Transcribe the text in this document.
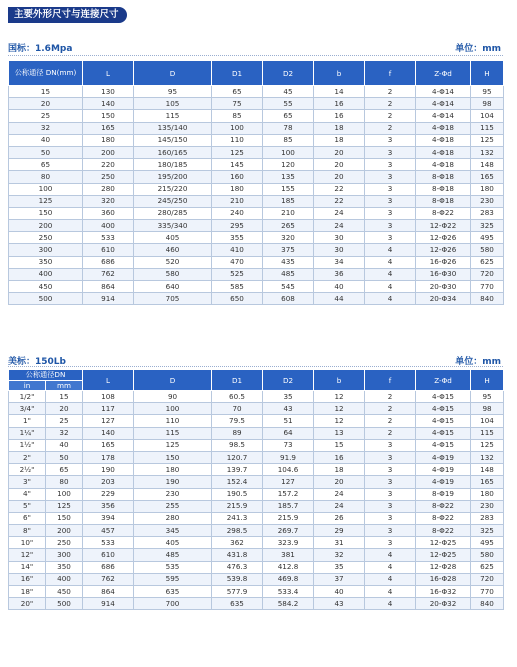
主要外形尺寸与连接尺寸
国标：1.6Mpa	单位：mm
公称通径 DN(mm)	L	D	D1	D2	b	f	Z-Φd	H
15	130	95	65	45	14	2	4-Φ14	95
20	140	105	75	55	16	2	4-Φ14	98
25	150	115	85	65	16	2	4-Φ14	104
32	165	135/140	100	78	18	2	4-Φ18	115
40	180	145/150	110	85	18	3	4-Φ18	125
50	200	160/165	125	100	20	3	4-Φ18	132
65	220	180/185	145	120	20	3	4-Φ18	148
80	250	195/200	160	135	20	3	8-Φ18	165
100	280	215/220	180	155	22	3	8-Φ18	180
125	320	245/250	210	185	22	3	8-Φ18	230
150	360	280/285	240	210	24	3	8-Φ22	283
200	400	335/340	295	265	24	3	12-Φ22	325
250	533	405	355	320	30	3	12-Φ26	495
300	610	460	410	375	30	4	12-Φ26	580
350	686	520	470	435	34	4	16-Φ26	625
400	762	580	525	485	36	4	16-Φ30	720
450	864	640	585	545	40	4	20-Φ30	770
500	914	705	650	608	44	4	20-Φ34	840
美标：150Lb	单位：mm
公称通径DN		L	D	D1	D2	b	f	Z-Φd	H
in	mm								
1/2"	15	108	90	60.5	35	12	2	4-Φ15	95
3/4"	20	117	100	70	43	12	2	4-Φ15	98
1"	25	127	110	79.5	51	12	2	4-Φ15	104
1¼"	32	140	115	89	64	13	2	4-Φ15	115
1½"	40	165	125	98.5	73	15	3	4-Φ15	125
2"	50	178	150	120.7	91.9	16	3	4-Φ19	132
2½"	65	190	180	139.7	104.6	18	3	4-Φ19	148
3"	80	203	190	152.4	127	20	3	4-Φ19	165
4"	100	229	230	190.5	157.2	24	3	8-Φ19	180
5"	125	356	255	215.9	185.7	24	3	8-Φ22	230
6"	150	394	280	241.3	215.9	26	3	8-Φ22	283
8"	200	457	345	298.5	269.7	29	3	8-Φ22	325
10"	250	533	405	362	323.9	31	3	12-Φ25	495
12"	300	610	485	431.8	381	32	4	12-Φ25	580
14"	350	686	535	476.3	412.8	35	4	12-Φ28	625
16"	400	762	595	539.8	469.8	37	4	16-Φ28	720
18"	450	864	635	577.9	533.4	40	4	16-Φ32	770
20"	500	914	700	635	584.2	43	4	20-Φ32	840
